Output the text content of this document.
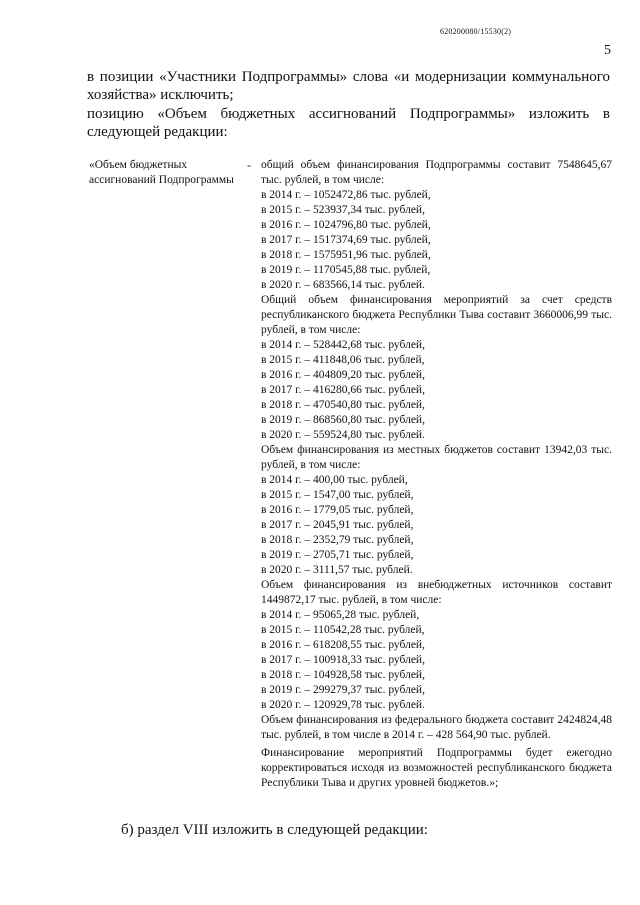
620200080/15530(2)
5
в позиции «Участники Подпрограммы» слова «и модернизации коммунального хозяйства» исключить;
позицию «Объем бюджетных ассигнований Подпрограммы» изложить в следующей редакции:
«Объем бюджетных ассигнований Подпрограммы
- общий объем финансирования Подпрограммы составит 7548645,67 тыс. рублей, в том числе:
в 2014 г. – 1052472,86 тыс. рублей,
в 2015 г. – 523937,34 тыс. рублей,
в 2016 г. – 1024796,80 тыс. рублей,
в 2017 г. – 1517374,69 тыс. рублей,
в 2018 г. – 1575951,96 тыс. рублей,
в 2019 г. – 1170545,88 тыс. рублей,
в 2020 г. – 683566,14 тыс. рублей.
Общий объем финансирования мероприятий за счет средств республиканского бюджета Республики Тыва составит 3660006,99 тыс. рублей, в том числе:
в 2014 г. – 528442,68 тыс. рублей,
в 2015 г. – 411848,06 тыс. рублей,
в 2016 г. – 404809,20 тыс. рублей,
в 2017 г. – 416280,66 тыс. рублей,
в 2018 г. – 470540,80 тыс. рублей,
в 2019 г. – 868560,80 тыс. рублей,
в 2020 г. – 559524,80 тыс. рублей.
Объем финансирования из местных бюджетов составит 13942,03 тыс. рублей, в том числе:
в 2014 г. – 400,00 тыс. рублей,
в 2015 г. – 1547,00 тыс. рублей,
в 2016 г. – 1779,05 тыс. рублей,
в 2017 г. – 2045,91 тыс. рублей,
в 2018 г. – 2352,79 тыс. рублей,
в 2019 г. – 2705,71 тыс. рублей,
в 2020 г. – 3111,57 тыс. рублей.
Объем финансирования из внебюджетных источников составит 1449872,17 тыс. рублей, в том числе:
в 2014 г. – 95065,28 тыс. рублей,
в 2015 г. – 110542,28 тыс. рублей,
в 2016 г. – 618208,55 тыс. рублей,
в 2017 г. – 100918,33 тыс. рублей,
в 2018 г. – 104928,58 тыс. рублей,
в 2019 г. – 299279,37 тыс. рублей,
в 2020 г. – 120929,78 тыс. рублей.
Объем финансирования из федерального бюджета составит 2424824,48 тыс. рублей, в том числе в 2014 г. – 428 564,90 тыс. рублей.
Финансирование мероприятий Подпрограммы будет ежегодно корректироваться исходя из возможностей республиканского бюджета Республики Тыва и других уровней бюджетов.»;
б) раздел VIII изложить в следующей редакции:
